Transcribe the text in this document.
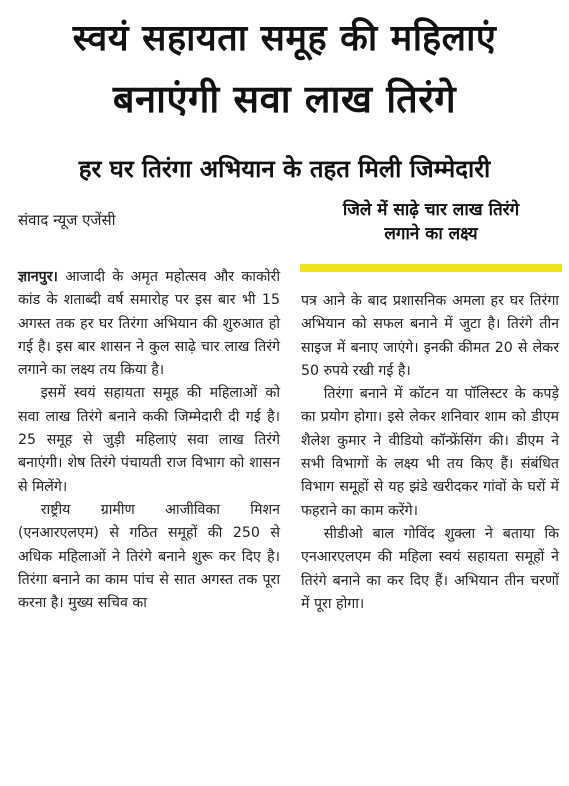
स्वयं सहायता समूह की महिलाएं
बनाएंगी सवा लाख तिरंगे
हर घर तिरंगा अभियान के तहत मिली जिम्मेदारी
संवाद न्यूज एजेंसी	जिले में साढ़े चार लाख तिरंगे
लगाने का लक्ष्य

ज्ञानपुर। आजादी के अमृत महोत्सव और काकोरी कांड के शताब्दी वर्ष समारोह पर इस बार भी 15 अगस्त तक हर घर तिरंगा अभियान की शुरुआत हो गई है। इस बार शासन ने कुल साढ़े चार लाख तिरंगे लगाने का लक्ष्य तय किया है।

इसमें स्वयं सहायता समूह की महिलाओं को सवा लाख तिरंगे बनाने ककी जिम्मेदारी दी गई है। 25 समूह से जुड़ी महिलाएं सवा लाख तिरंगे बनाएंगी। शेष तिरंगे पंचायती राज विभाग को शासन से मिलेंगे।

राष्ट्रीय ग्रामीण आजीविका मिशन (एनआरएलएम) से गठित समूहों की 250 से अधिक महिलाओं ने तिरंगे बनाने शुरू कर दिए है। तिरंगा बनाने का काम पांच से सात अगस्त तक पूरा करना है। मुख्य सचिव का

पत्र आने के बाद प्रशासनिक अमला हर घर तिरंगा अभियान को सफल बनाने में जुटा है। तिरंगे तीन साइज में बनाए जाएंगे। इनकी कीमत 20 से लेकर 50 रुपये रखी गई है।

तिरंगा बनाने में कॉटन या पॉलिस्टर के कपड़े का प्रयोग होगा। इसे लेकर शनिवार शाम को डीएम शैलेश कुमार ने वीडियो कॉन्फ्रेंसिंग की। डीएम ने सभी विभागों के लक्ष्य भी तय किए हैं। संबंधित विभाग समूहों से यह झंडे खरीदकर गांवों के घरों में फहराने का काम करेंगे।

सीडीओ बाल गोविंद शुक्ला ने बताया कि एनआरएलएम की महिला स्वयं सहायता समूहों ने तिरंगे बनाने का कर दिए हैं। अभियान तीन चरणों में पूरा होगा।
